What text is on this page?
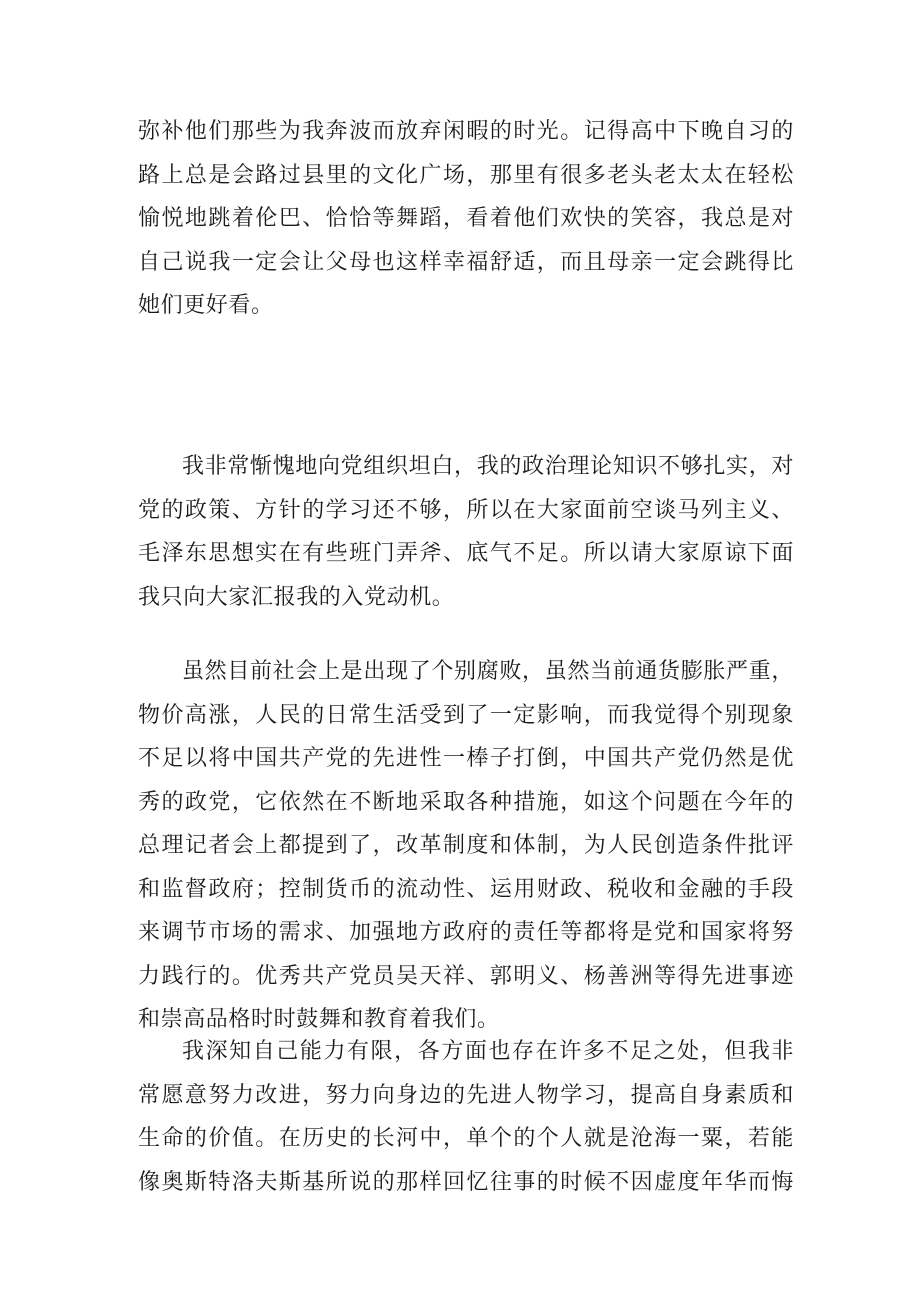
弥补他们那些为我奔波而放弃闲暇的时光。记得高中下晚自习的
路上总是会路过县里的文化广场，那里有很多老头老太太在轻松
愉悦地跳着伦巴、恰恰等舞蹈，看着他们欢快的笑容，我总是对
自己说我一定会让父母也这样幸福舒适，而且母亲一定会跳得比
她们更好看。
我非常惭愧地向党组织坦白，我的政治理论知识不够扎实，对
党的政策、方针的学习还不够，所以在大家面前空谈马列主义、
毛泽东思想实在有些班门弄斧、底气不足。所以请大家原谅下面
我只向大家汇报我的入党动机。
虽然目前社会上是出现了个别腐败，虽然当前通货膨胀严重，
物价高涨，人民的日常生活受到了一定影响，而我觉得个别现象
不足以将中国共产党的先进性一棒子打倒，中国共产党仍然是优
秀的政党，它依然在不断地采取各种措施，如这个问题在今年的
总理记者会上都提到了，改革制度和体制，为人民创造条件批评
和监督政府；控制货币的流动性、运用财政、税收和金融的手段
来调节市场的需求、加强地方政府的责任等都将是党和国家将努
力践行的。优秀共产党员吴天祥、郭明义、杨善洲等得先进事迹
和崇高品格时时鼓舞和教育着我们。
我深知自己能力有限，各方面也存在许多不足之处，但我非
常愿意努力改进，努力向身边的先进人物学习，提高自身素质和
生命的价值。在历史的长河中，单个的个人就是沧海一粟，若能
像奥斯特洛夫斯基所说的那样回忆往事的时候不因虚度年华而悔
